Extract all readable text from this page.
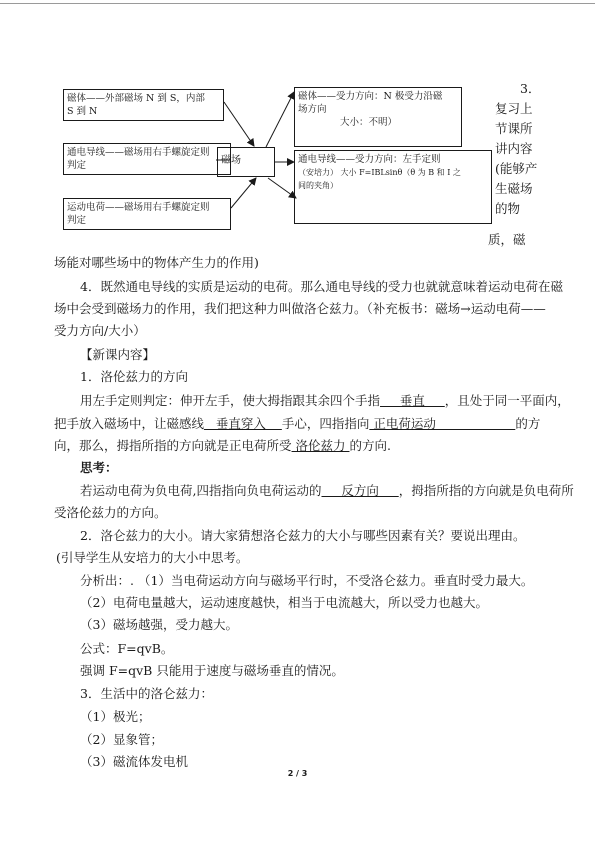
磁体——外部磁场 N 到 S，内部
S 到 N
通电导线——磁场用右手螺旋定则
判定
运动电荷——磁场用右手螺旋定则
判定
磁场
磁体——受力方向：N 极受力沿磁
场方向
大小：不明）
通电导线——受力方向：左手定则
（安培力） 大小 F=IBLsinθ（θ 为 B 和 I 之
间的夹角）
3．
复习上
节课所
讲内容
(能够产
生磁场
的物
质，磁
场能对哪些场中的物体产生力的作用)
4．既然通电导线的实质是运动的电荷。那么通电导线的受力也就就意味着运动电荷在磁
场中会受到磁场力的作用，我们把这种力叫做洛仑兹力。（补充板书：磁场→运动电荷——
受力方向/大小）
【新课内容】
1．洛伦兹力的方向
用左手定则判定：伸开左手，使大拇指跟其余四个手指     垂直     ，且处于同一平面内，
把手放入磁场中，让磁感线   垂直穿入    手心，四指指向 正电荷运动                    的方
向，那么，拇指所指的方向就是正电荷所受 洛伦兹力 的方向.
思考：
若运动电荷为负电荷,四指指向负电荷运动的     反方向     ，拇指所指的方向就是负电荷所
受洛伦兹力的方向。
2．洛仑兹力的大小。请大家猜想洛仑兹力的大小与哪些因素有关？要说出理由。
(引导学生从安培力的大小中思考。
分析出：. （1）当电荷运动方向与磁场平行时，不受洛仑兹力。垂直时受力最大。
（2）电荷电量越大，运动速度越快，相当于电流越大，所以受力也越大。
（3）磁场越强，受力越大。
公式：F=qvB。
强调 F=qvB 只能用于速度与磁场垂直的情况。
3．生活中的洛仑兹力：
（1）极光；
（2）显象管；
（3）磁流体发电机
2 / 3
